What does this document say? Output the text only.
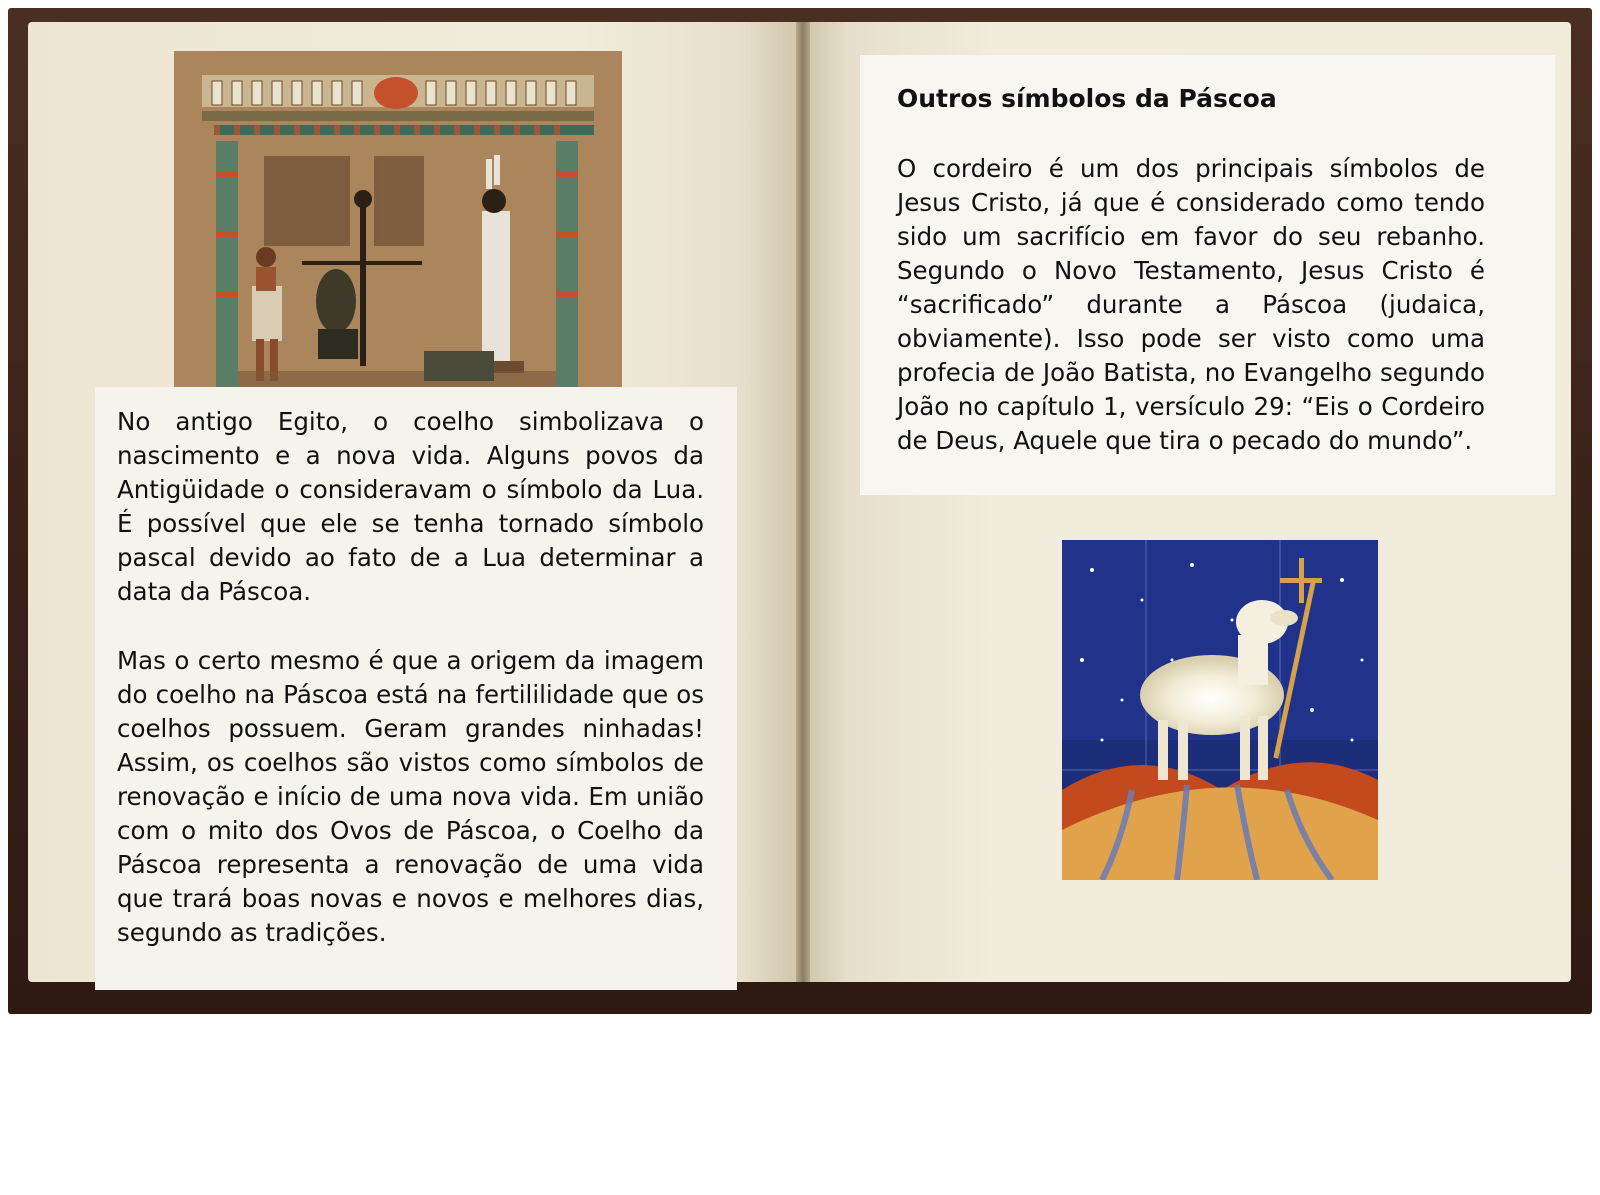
No antigo Egito, o coelho simbolizava o nascimento e a nova vida. Alguns povos da Antigüidade o consideravam o símbolo da Lua. É possível que ele se tenha tornado símbolo pascal devido ao fato de a Lua determinar a data da Páscoa.

Mas o certo mesmo é que a origem da imagem do coelho na Páscoa está na fertililidade que os coelhos possuem. Geram grandes ninhadas! Assim, os coelhos são vistos como símbolos de renovação e início de uma nova vida. Em união com o mito dos Ovos de Páscoa, o Coelho da Páscoa representa a renovação de uma vida que trará boas novas e novos e melhores dias, segundo as tradições.

Outros símbolos da Páscoa

O cordeiro é um dos principais símbolos de Jesus Cristo, já que é considerado como tendo sido um sacrifício em favor do seu rebanho. Segundo o Novo Testamento, Jesus Cristo é “sacrificado” durante a Páscoa (judaica, obviamente). Isso pode ser visto como uma profecia de João Batista, no Evangelho segundo João no capítulo 1, versículo 29: “Eis o Cordeiro de Deus, Aquele que tira o pecado do mundo”.
